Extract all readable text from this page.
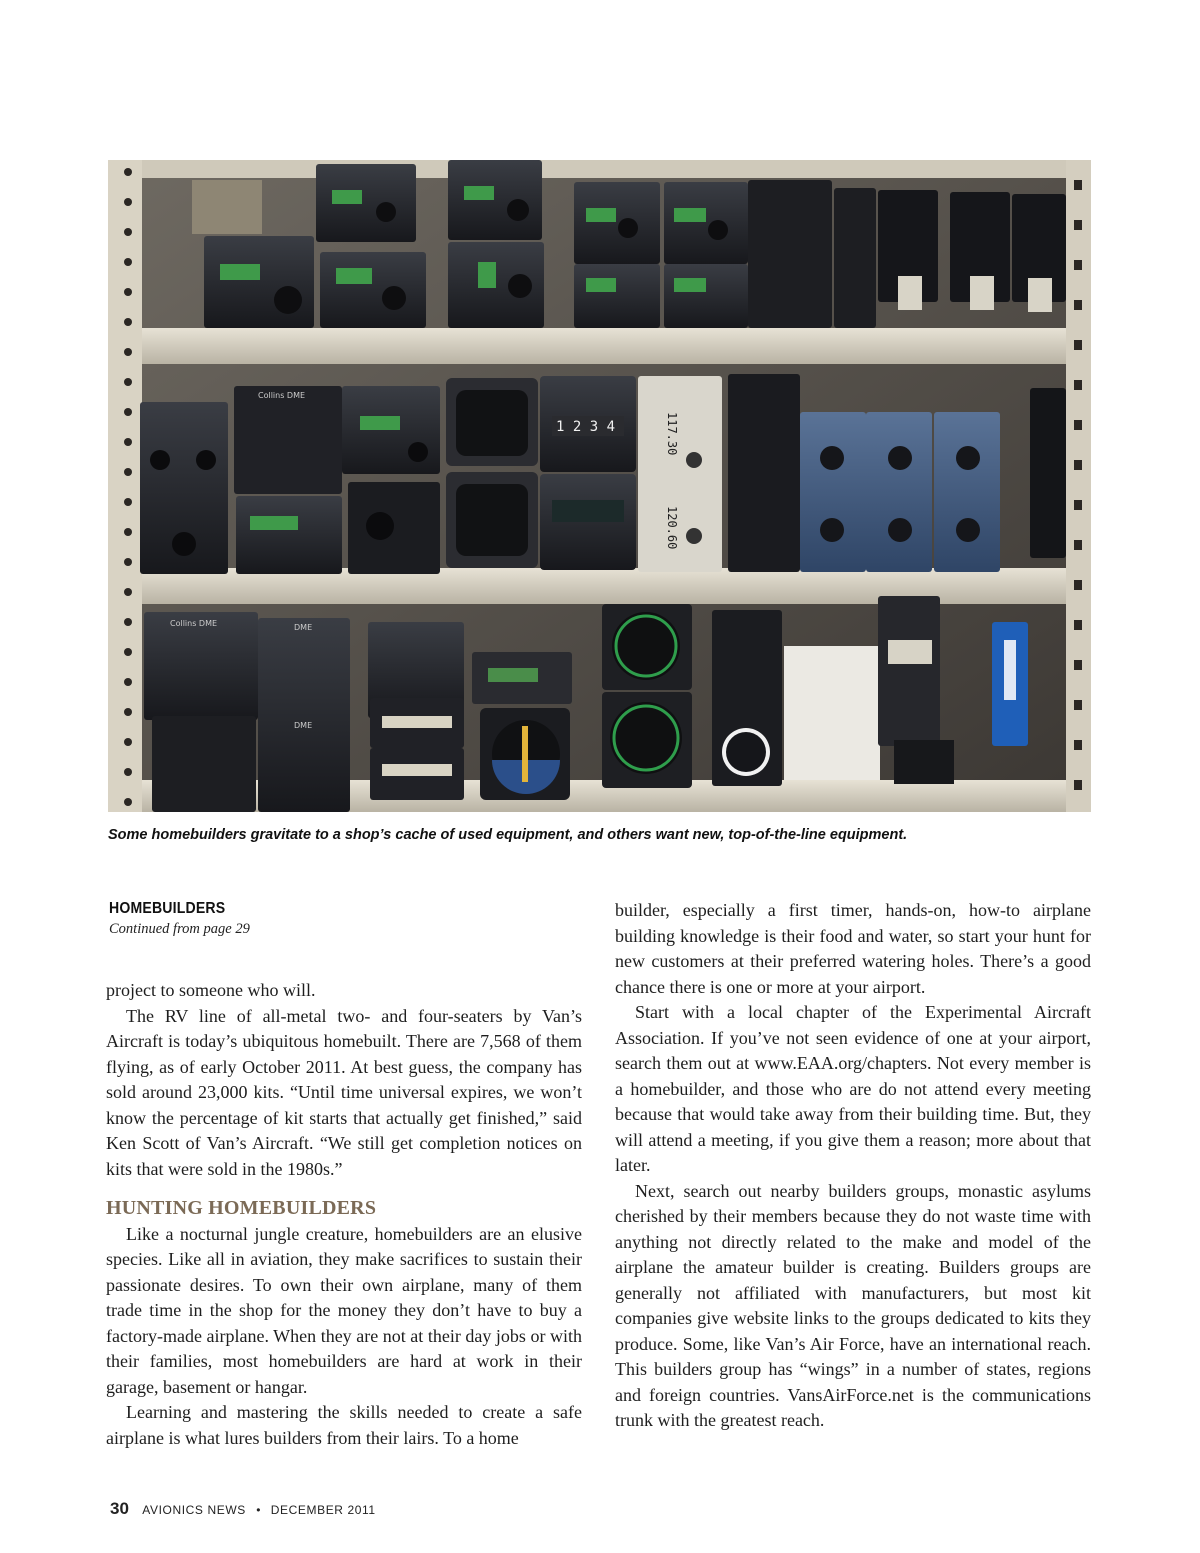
Collins DME
1 2 3 4	117.30
120.60
Collins DME	DME
DME
Some homebuilders gravitate to a shop’s cache of used equipment, and others want new, top-of-the-line equipment.
HOMEBUILDERS
Continued from page 29

project to someone who will.

The RV line of all-metal two- and four-seaters by Van’s Aircraft is today’s ubiquitous homebuilt. There are 7,568 of them flying, as of early October 2011. At best guess, the company has sold around 23,000 kits. “Until time universal expires, we won’t know the percentage of kit starts that actually get finished,” said Ken Scott of Van’s Aircraft. “We still get completion notices on kits that were sold in the 1980s.”

HUNTING HOMEBUILDERS

Like a nocturnal jungle creature, homebuilders are an elusive species. Like all in aviation, they make sacrifices to sustain their passionate desires. To own their own airplane, many of them trade time in the shop for the money they don’t have to buy a factory-made airplane. When they are not at their day jobs or with their families, most homebuilders are hard at work in their garage, basement or hangar.

Learning and mastering the skills needed to create a safe airplane is what lures builders from their lairs. To a home

builder, especially a first timer, hands-on, how-to airplane building knowledge is their food and water, so start your hunt for new customers at their preferred watering holes. There’s a good chance there is one or more at your airport.

Start with a local chapter of the Experimental Aircraft Association. If you’ve not seen evidence of one at your airport, search them out at www.EAA.org/chapters. Not every member is a homebuilder, and those who are do not attend every meeting because that would take away from their building time. But, they will attend a meeting, if you give them a reason; more about that later.

Next, search out nearby builders groups, monastic asylums cherished by their members because they do not waste time with anything not directly related to the make and model of the airplane the amateur builder is creating. Builders groups are generally not affiliated with manufacturers, but most kit companies give website links to the groups dedicated to kits they produce. Some, like Van’s Air Force, have an international reach. This builders group has “wings” in a number of states, regions and foreign countries. VansAirForce.net is the communications trunk with the greatest reach.

30 AVIONICS NEWS • DECEMBER 2011
